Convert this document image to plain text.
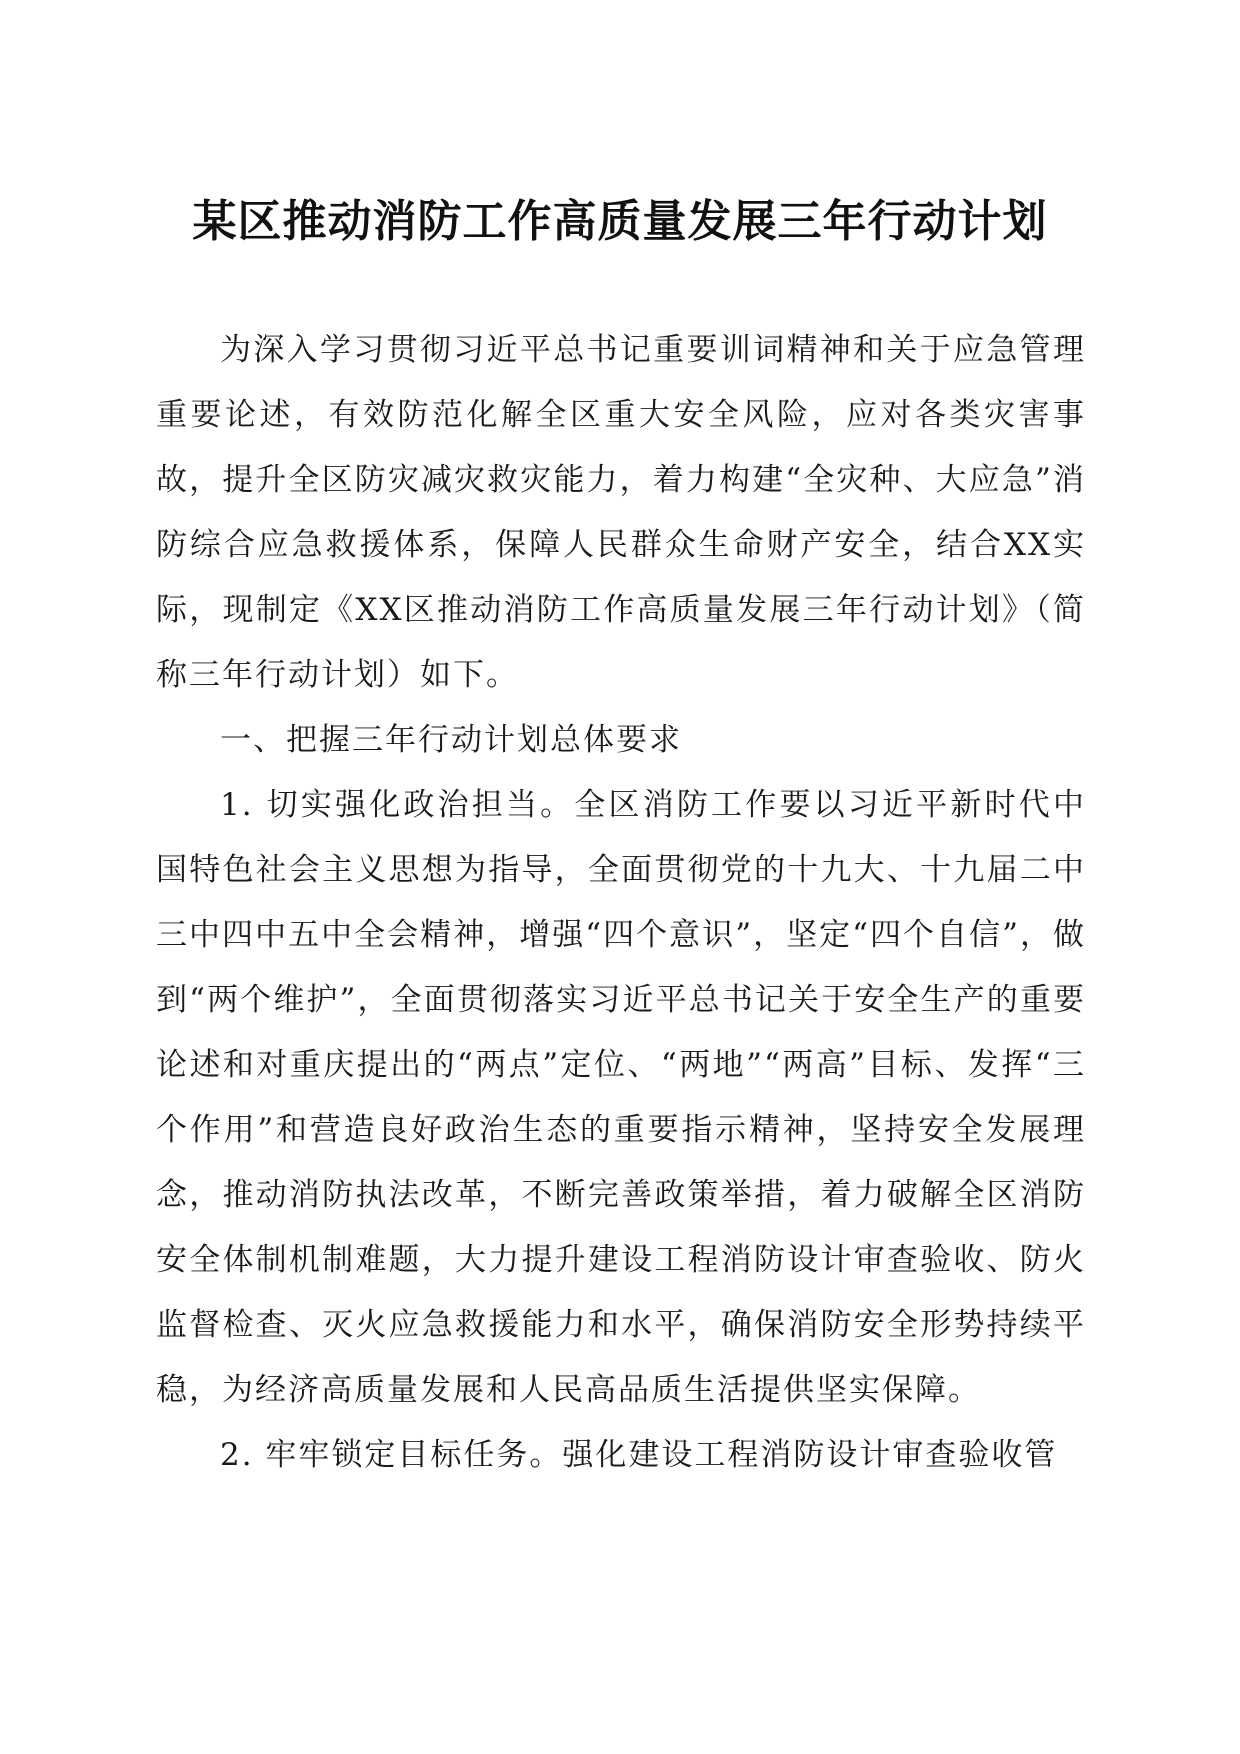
某区推动消防工作高质量发展三年行动计划

为深入学习贯彻习近平总书记重要训词精神和关于应急管理重要论述，有效防范化解全区重大安全风险，应对各类灾害事故，提升全区防灾减灾救灾能力，着力构建“全灾种、大应急”消防综合应急救援体系，保障人民群众生命财产安全，结合XX实际，现制定《XX区推动消防工作高质量发展三年行动计划》（简称三年行动计划）如下。

一、把握三年行动计划总体要求

1. 切实强化政治担当。全区消防工作要以习近平新时代中国特色社会主义思想为指导，全面贯彻党的十九大、十九届二中三中四中五中全会精神，增强“四个意识”，坚定“四个自信”，做到“两个维护”，全面贯彻落实习近平总书记关于安全生产的重要论述和对重庆提出的“两点”定位、“两地”“两高”目标、发挥“三个作用”和营造良好政治生态的重要指示精神，坚持安全发展理念，推动消防执法改革，不断完善政策举措，着力破解全区消防安全体制机制难题，大力提升建设工程消防设计审查验收、防火监督检查、灭火应急救援能力和水平，确保消防安全形势持续平稳，为经济高质量发展和人民高品质生活提供坚实保障。

2. 牢牢锁定目标任务。强化建设工程消防设计审查验收管
